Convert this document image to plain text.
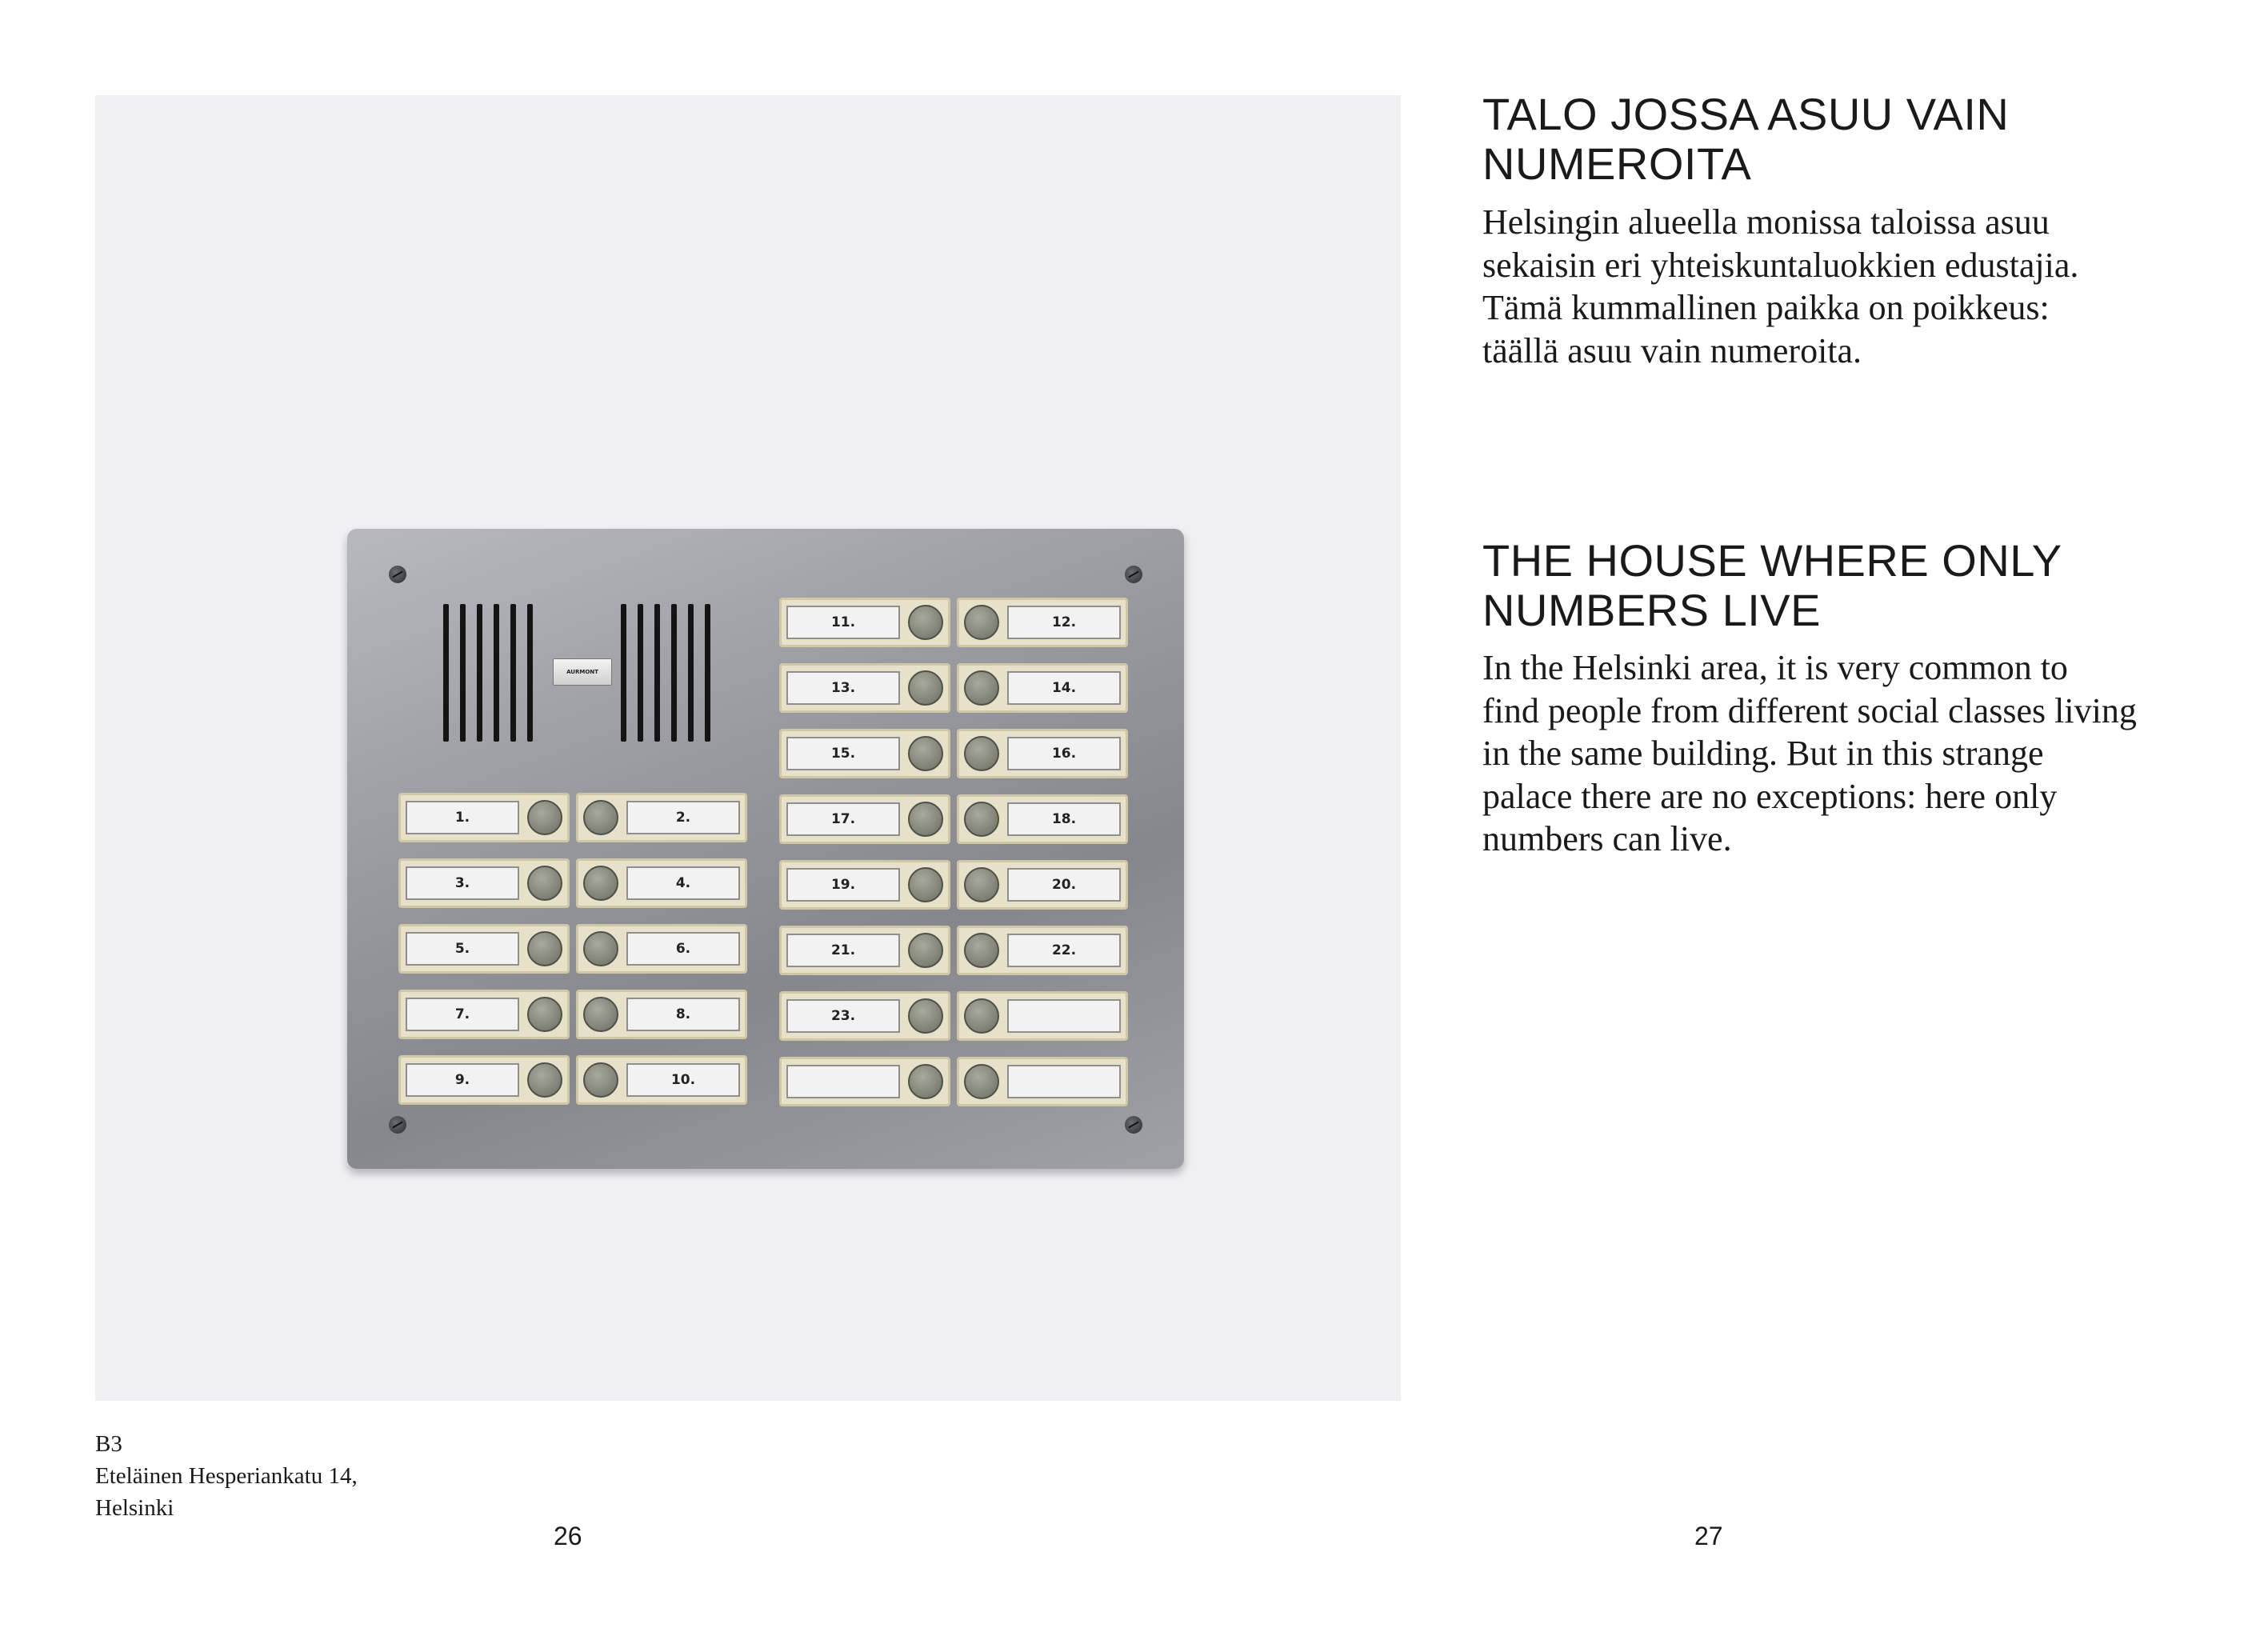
AURMONT
1.	2.
3.	4.
5.	6.
7.	8.
9.	10.
11.	12.
13.	14.
15.	16.
17.	18.
19.	20.
21.	22.
23.
B3
Eteläinen Hesperiankatu 14,
Helsinki
26
TALO JOSSA ASUU VAIN
NUMEROITA

Helsingin alueella monissa taloissa asuu
sekaisin eri yhteiskuntaluokkien edustajia.
Tämä kummallinen paikka on poikkeus:
täällä asuu vain numeroita.

THE HOUSE WHERE ONLY
NUMBERS LIVE

In the Helsinki area, it is very common to
find people from different social classes living
in the same building. But in this strange
palace there are no exceptions: here only
numbers can live.

27
